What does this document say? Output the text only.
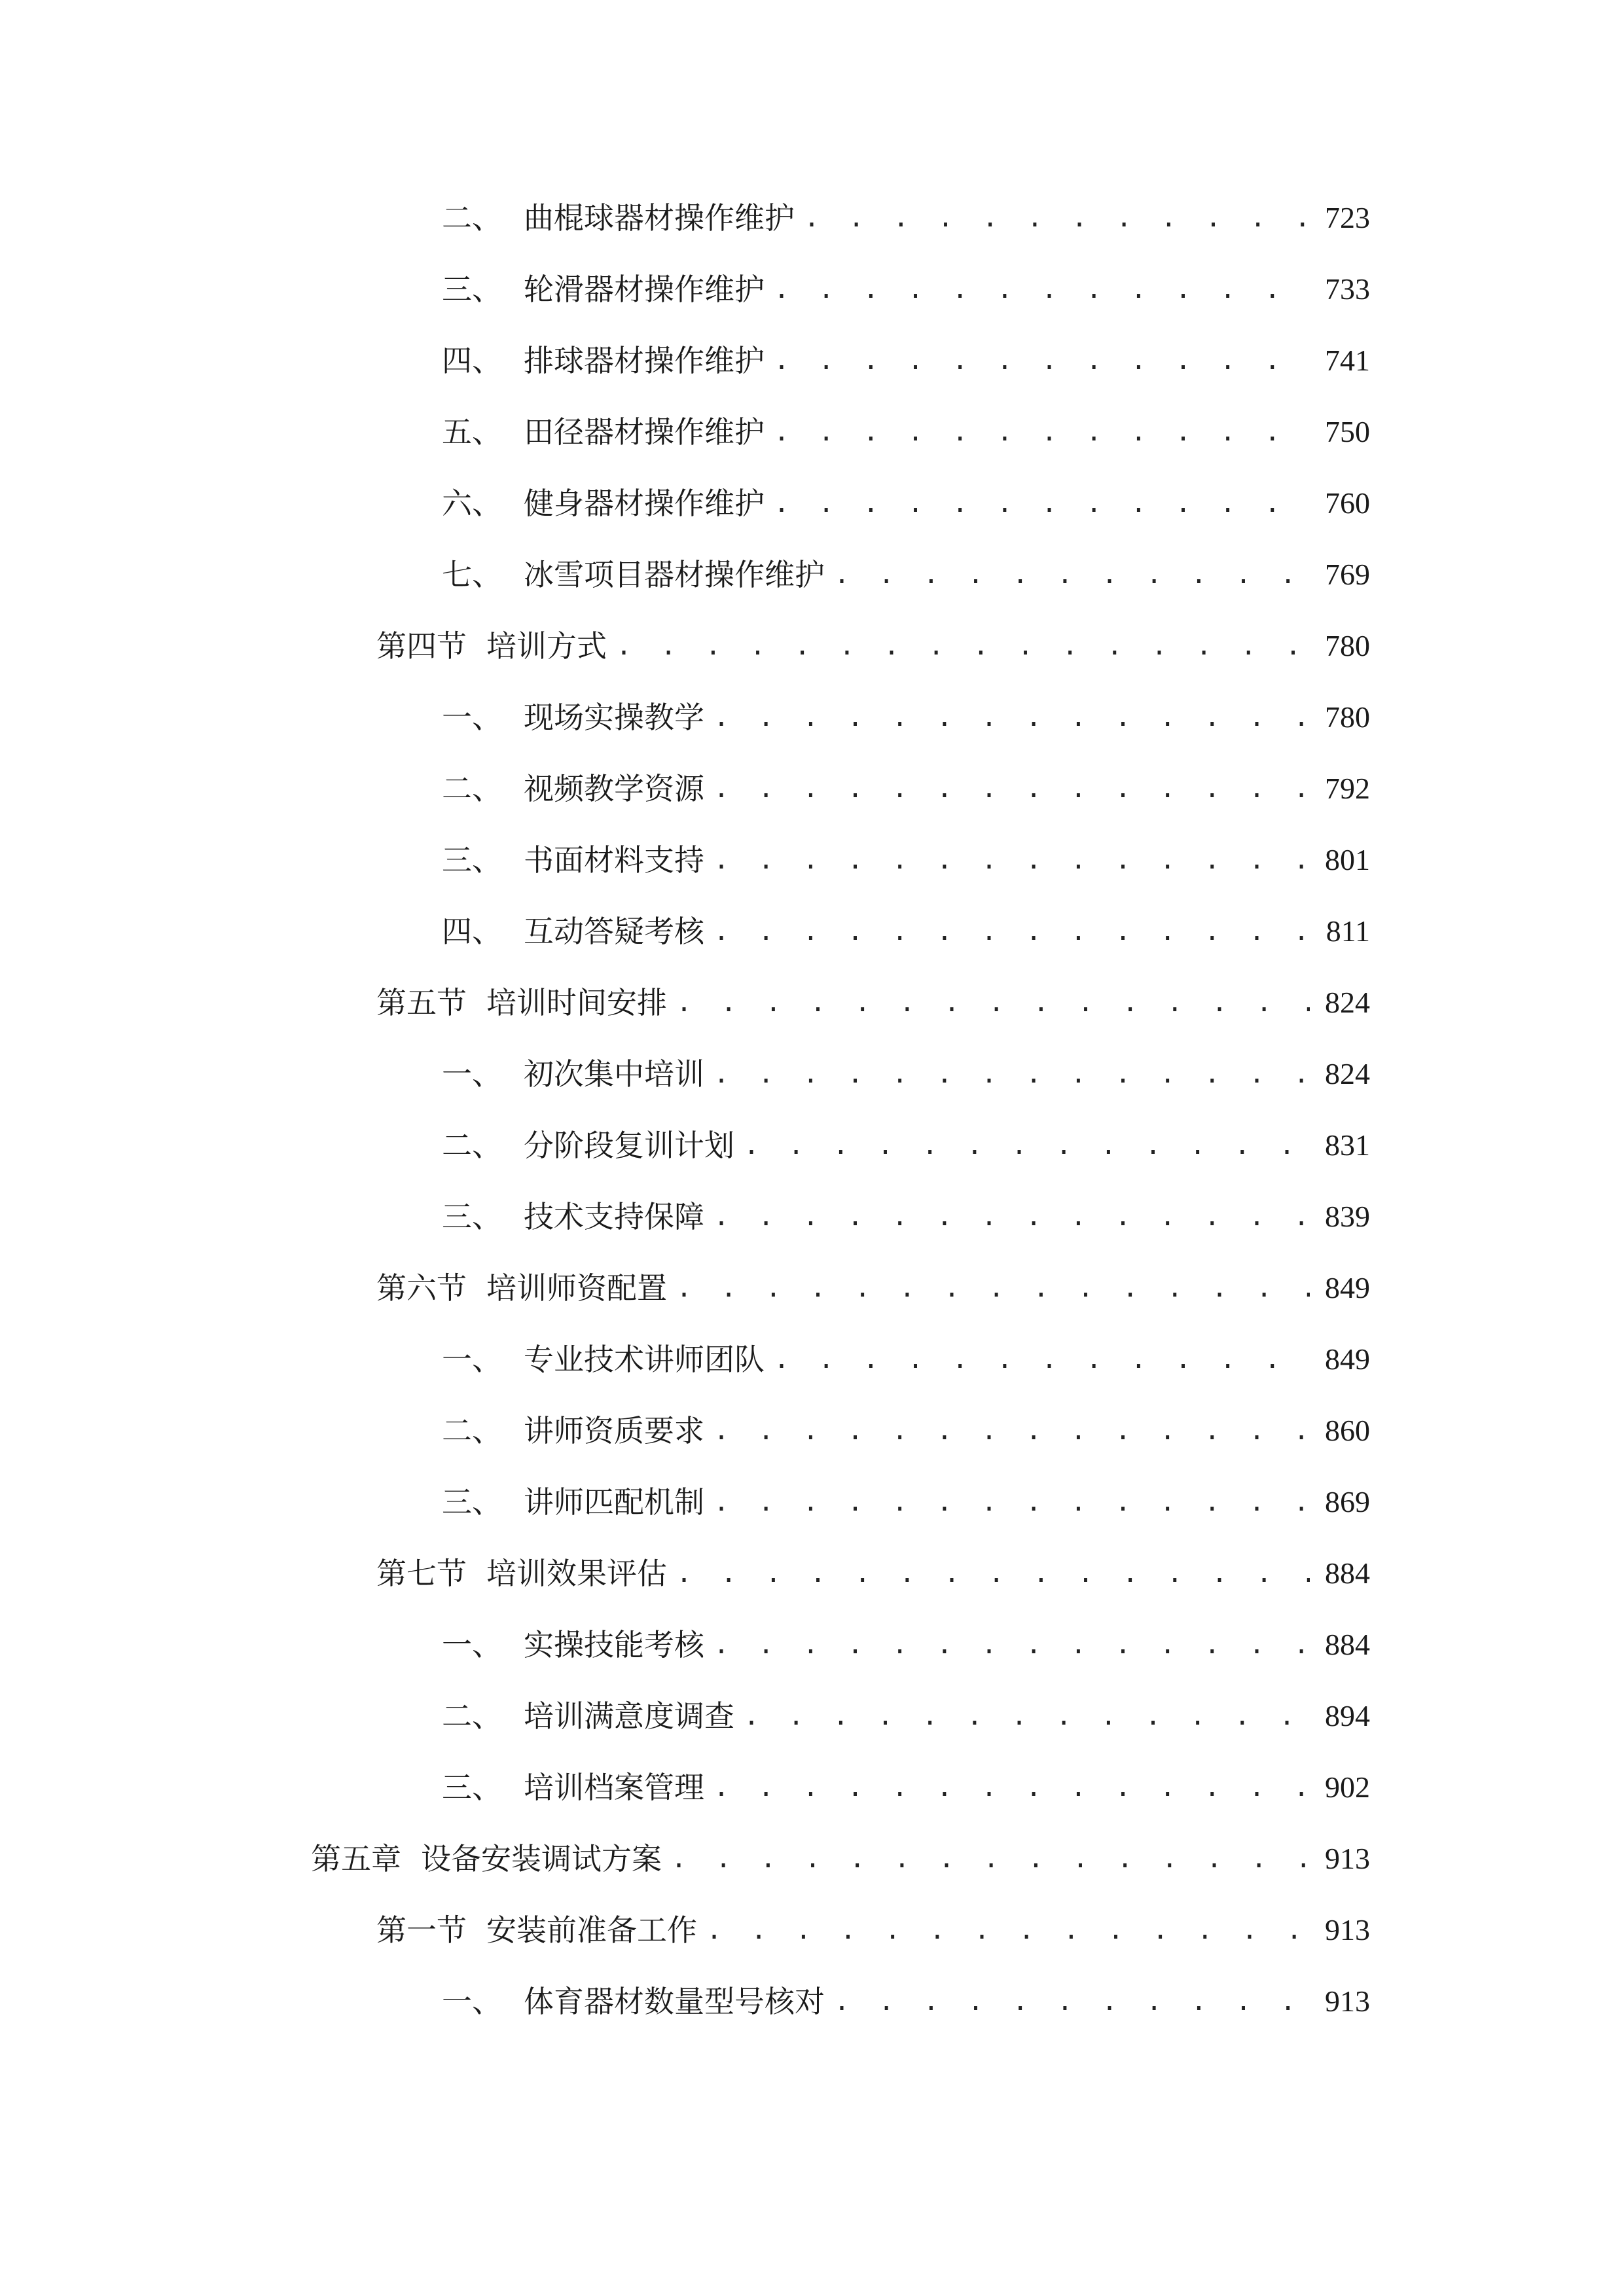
二、 曲棍球器材操作维护 . . .	723
三、 轮滑器材操作维护 . . .	733
四、 排球器材操作维护 . . .	741
五、 田径器材操作维护 . . .	750
六、 健身器材操作维护 . . .	760
七、 冰雪项目器材操作维护 . . .	769
第四节 培训方式 . . .	780
一、 现场实操教学 . . .	780
二、 视频教学资源 . . .	792
三、 书面材料支持 . . .	801
四、 互动答疑考核 . . .	811
第五节 培训时间安排 . . .	824
一、 初次集中培训 . . .	824
二、 分阶段复训计划 . . .	831
三、 技术支持保障 . . .	839
第六节 培训师资配置 . . .	849
一、 专业技术讲师团队 . . .	849
二、 讲师资质要求 . . .	860
三、 讲师匹配机制 . . .	869
第七节 培训效果评估 . . .	884
一、 实操技能考核 . . .	884
二、 培训满意度调查 . . .	894
三、 培训档案管理 . . .	902
第五章 设备安装调试方案 . . .	913
第一节 安装前准备工作 . . .	913
一、 体育器材数量型号核对 . . .	913
